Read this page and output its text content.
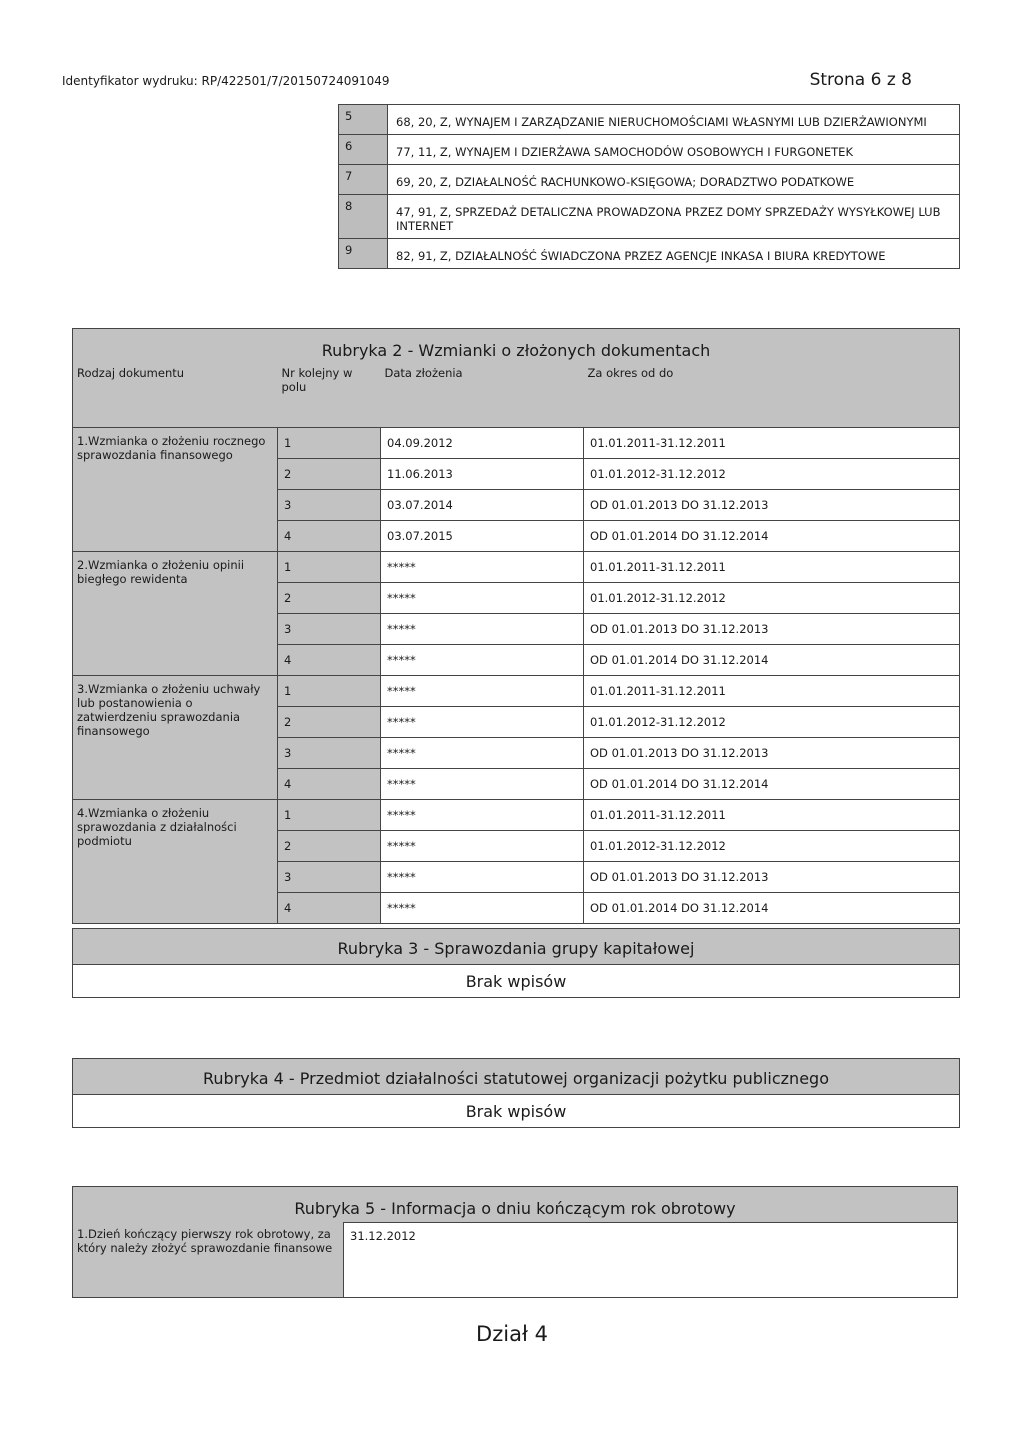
Identyfikator wydruku: RP/422501/7/20150724091049	Strona 6 z 8
5	68, 20, Z, WYNAJEM I ZARZĄDZANIE NIERUCHOMOŚCIAMI WŁASNYMI LUB DZIERŻAWIONYMI
6	77, 11, Z, WYNAJEM I DZIERŻAWA SAMOCHODÓW OSOBOWYCH I FURGONETEK
7	69, 20, Z, DZIAŁALNOŚĆ RACHUNKOWO-KSIĘGOWA; DORADZTWO PODATKOWE
8	47, 91, Z, SPRZEDAŻ DETALICZNA PROWADZONA PRZEZ DOMY SPRZEDAŻY WYSYŁKOWEJ LUB INTERNET
9	82, 91, Z, DZIAŁALNOŚĆ ŚWIADCZONA PRZEZ AGENCJE INKASA I BIURA KREDYTOWE
Rubryka 2 - Wzmianki o złożonych dokumentach			
Rodzaj dokumentu	Nr kolejny w polu	Data złożenia	Za okres od do
1.Wzmianka o złożeniu rocznego sprawozdania finansowego	1	04.09.2012	01.01.2011-31.12.2011
	2	11.06.2013	01.01.2012-31.12.2012
	3	03.07.2014	OD 01.01.2013 DO 31.12.2013
	4	03.07.2015	OD 01.01.2014 DO 31.12.2014
2.Wzmianka o złożeniu opinii biegłego rewidenta	1	*****	01.01.2011-31.12.2011
	2	*****	01.01.2012-31.12.2012
	3	*****	OD 01.01.2013 DO 31.12.2013
	4	*****	OD 01.01.2014 DO 31.12.2014
3.Wzmianka o złożeniu uchwały lub postanowienia o zatwierdzeniu sprawozdania finansowego	1	*****	01.01.2011-31.12.2011
	2	*****	01.01.2012-31.12.2012
	3	*****	OD 01.01.2013 DO 31.12.2013
	4	*****	OD 01.01.2014 DO 31.12.2014
4.Wzmianka o złożeniu sprawozdania z działalności podmiotu	1	*****	01.01.2011-31.12.2011
	2	*****	01.01.2012-31.12.2012
	3	*****	OD 01.01.2013 DO 31.12.2013
	4	*****	OD 01.01.2014 DO 31.12.2014
Rubryka 3 - Sprawozdania grupy kapitałowej
Brak wpisów
Rubryka 4 - Przedmiot działalności statutowej organizacji pożytku publicznego
Brak wpisów
Rubryka 5 - Informacja o dniu kończącym rok obrotowy
1.Dzień kończący pierwszy rok obrotowy, za który należy złożyć sprawozdanie finansowe	31.12.2012
Dział 4
